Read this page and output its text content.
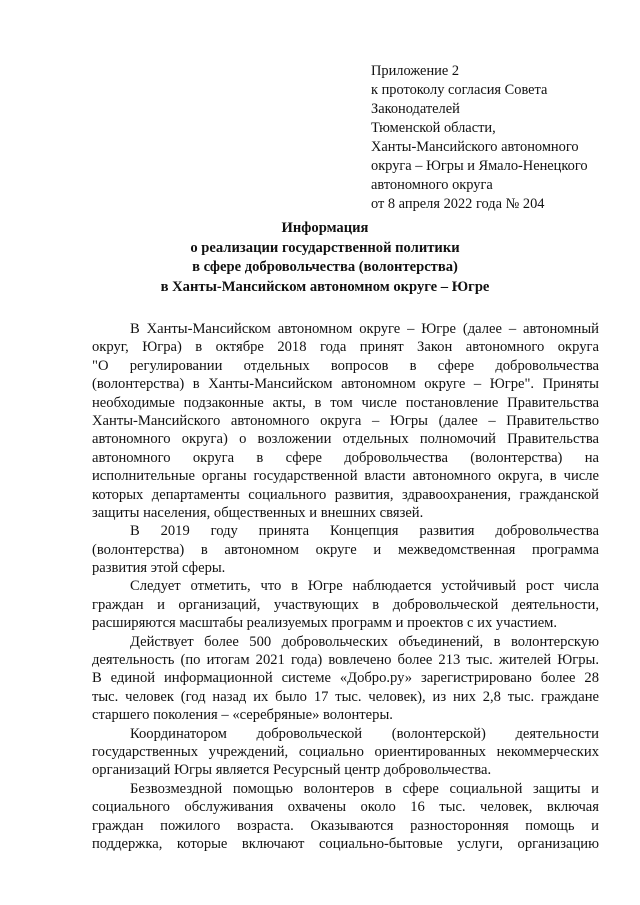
Приложение 2
к протоколу согласия Совета
Законодателей
Тюменской области,
Ханты-Мансийского автономного
округа – Югры и Ямало-Ненецкого
автономного округа
от 8 апреля 2022 года № 204
Информация
о реализации государственной политики
в сфере добровольчества (волонтерства)
в Ханты-Мансийском автономном округе – Югре
В Ханты-Мансийском автономном округе – Югре (далее – автономный
округ, Югра) в октябре 2018 года принят Закон автономного округа
"О регулировании отдельных вопросов в сфере добровольчества
(волонтерства) в Ханты-Мансийском автономном округе – Югре". Приняты
необходимые подзаконные акты, в том числе постановление Правительства
Ханты-Мансийского автономного округа – Югры (далее – Правительство
автономного округа) о возложении отдельных полномочий Правительства
автономного округа в сфере добровольчества (волонтерства) на
исполнительные органы государственной власти автономного округа, в числе
которых департаменты социального развития, здравоохранения, гражданской
защиты населения, общественных и внешних связей.
В 2019 году принята Концепция развития добровольчества
(волонтерства) в автономном округе и межведомственная программа
развития этой сферы.
Следует отметить, что в Югре наблюдается устойчивый рост числа
граждан и организаций, участвующих в добровольческой деятельности,
расширяются масштабы реализуемых программ и проектов с их участием.
Действует более 500 добровольческих объединений, в волонтерскую
деятельность (по итогам 2021 года) вовлечено более 213 тыс. жителей Югры.
В единой информационной системе «Добро.ру» зарегистрировано более 28
тыс. человек (год назад их было 17 тыс. человек), из них 2,8 тыс. граждане
старшего поколения – «серебряные» волонтеры.
Координатором добровольческой (волонтерской) деятельности
государственных учреждений, социально ориентированных некоммерческих
организаций Югры является Ресурсный центр добровольчества.
Безвозмездной помощью волонтеров в сфере социальной защиты и
социального обслуживания охвачены около 16 тыс. человек, включая
граждан пожилого возраста. Оказываются разносторонняя помощь и
поддержка, которые включают социально-бытовые услуги, организацию
